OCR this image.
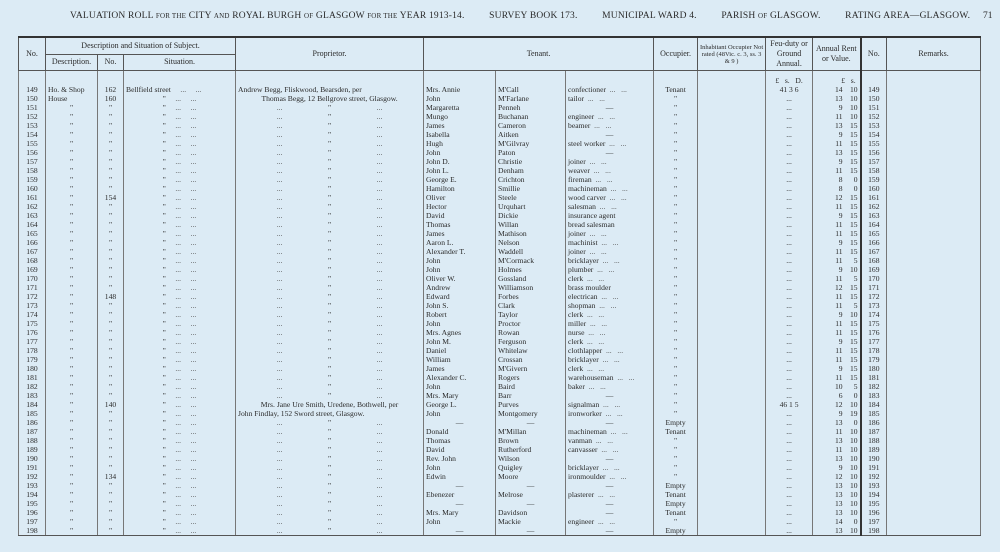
VALUATION ROLL FOR THE CITY AND ROYAL BURGH OF GLASGOW FOR THE YEAR 1913-14.	SURVEY BOOK 173.	MUNICIPAL WARD 4.	PARISH OF GLASGOW.	RATING AREA—GLASGOW. 71
No.	Description and Situation of Subject.			Proprietor.	Tenant.			Occupier.	Inhabitant Occupier Not rated (48Vic. c. 3, ss. 3 & 9 )	Feu-duty or Ground Annual.	Annual Rent or Value.	No.	Remarks.
	Description.	No.	Situation.										
										£ s. D.	£ s.		
149	Ho. & Shop	162	Bellfield street     ...     ...	Andrew Begg, Fliskwood, Bearsden, per	Mrs. Annie	M'Call	confectioner  ...   ...	Tenant		41 3 6	14 10	149	
150	House	160	"     ...     ...	Thomas Begg, 12 Bellgrove street, Glasgow.	John	M'Farlane	tailor  ...   ...	"		...	13 10	150	
151	"	"	"     ...     ...	...                        "                        ...	Margaretta	Penneh	—	"		...	9 10	151	
152	"	"	"     ...     ...	...                        "                        ...	Mungo	Buchanan	engineer  ...   ...	"		...	11 10	152	
153	"	"	"     ...     ...	...                        "                        ...	James	Cameron	beamer  ...   ...	"		...	13 15	153	
154	"	"	"     ...     ...	...                        "                        ...	Isabella	Aitken	—	"		...	9 15	154	
155	"	"	"     ...     ...	...                        "                        ...	Hugh	M'Gilvray	steel worker  ...   ...	"		...	11 15	155	
156	"	"	"     ...     ...	...                        "                        ...	John	Paton	—	"		...	13 15	156	
157	"	"	"     ...     ...	...                        "                        ...	John D.	Christie	joiner  ...   ...	"		...	9 15	157	
158	"	"	"     ...     ...	...                        "                        ...	John L.	Denham	weaver  ...   ...	"		...	11 15	158	
159	"	"	"     ...     ...	...                        "                        ...	George E.	Crichton	fireman  ...   ...	"		...	8 0	159	
160	"	"	"     ...     ...	...                        "                        ...	Hamilton	Smillie	machineman  ...   ...	"		...	8 0	160	
161	"	154	"     ...     ...	...                        "                        ...	Oliver	Steele	wood carver  ...   ...	"		...	12 15	161	
162	"	"	"     ...     ...	...                        "                        ...	Hector	Urquhart	salesman  ...   ...	"		...	11 15	162	
163	"	"	"     ...     ...	...                        "                        ...	David	Dickie	insurance agent	"		...	9 15	163	
164	"	"	"     ...     ...	...                        "                        ...	Thomas	Willan	bread salesman	"		...	11 15	164	
165	"	"	"     ...     ...	...                        "                        ...	James	Mathison	joiner  ...   ...	"		...	11 15	165	
166	"	"	"     ...     ...	...                        "                        ...	Aaron L.	Nelson	machinist  ...   ...	"		...	9 15	166	
167	"	"	"     ...     ...	...                        "                        ...	Alexander T.	Waddell	joiner  ...   ...	"		...	11 15	167	
168	"	"	"     ...     ...	...                        "                        ...	John	M'Cormack	bricklayer  ...   ...	"		...	11 5	168	
169	"	"	"     ...     ...	...                        "                        ...	John	Holmes	plumber  ...   ...	"		...	9 10	169	
170	"	"	"     ...     ...	...                        "                        ...	Oliver W.	Gossland	clerk  ...   ...	"		...	11 5	170	
171	"	"	"     ...     ...	...                        "                        ...	Andrew	Williamson	brass moulder	"		...	12 15	171	
172	"	148	"     ...     ...	...                        "                        ...	Edward	Forbes	electrican  ...   ...	"		...	11 15	172	
173	"	"	"     ...     ...	...                        "                        ...	John S.	Clark	shopman  ...   ...	"		...	11 5	173	
174	"	"	"     ...     ...	...                        "                        ...	Robert	Taylor	clerk  ...   ...	"		...	9 10	174	
175	"	"	"     ...     ...	...                        "                        ...	John	Proctor	miller  ...   ...	"		...	11 15	175	
176	"	"	"     ...     ...	...                        "                        ...	Mrs. Agnes	Rowan	nurse  ...   ...	"		...	11 15	176	
177	"	"	"     ...     ...	...                        "                        ...	John M.	Ferguson	clerk  ...   ...	"		...	9 15	177	
178	"	"	"     ...     ...	...                        "                        ...	Daniel	Whitelaw	clothlapper  ...   ...	"		...	11 15	178	
179	"	"	"     ...     ...	...                        "                        ...	William	Crossan	bricklayer  ...   ...	"		...	11 15	179	
180	"	"	"     ...     ...	...                        "                        ...	James	M'Givern	clerk  ...   ...	"		...	9 15	180	
181	"	"	"     ...     ...	...                        "                        ...	Alexander C.	Rogers	warehouseman  ...   ...	"		...	11 15	181	
182	"	"	"     ...     ...	...                        "                        ...	John	Baird	baker  ...   ...	"		...	10 5	182	
183	"	"	"     ...     ...	...                        "                        ...	Mrs. Mary	Barr	—	"		...	6 0	183	
184	"	140	"     ...     ...	Mrs. Jane Ure Smith, Uredene, Bothwell, per	George L.	Purves	signalman  ...   ...	"		46 1 5	12 10	184	
185	"	"	"     ...     ...	John Findlay, 152 Sword street, Glasgow.	John	Montgomery	ironworker  ...   ...	"		...	9 19	185	
186	"	"	"     ...     ...	...                        "                        ...	—	—	—	Empty		...	13 0	186	
187	"	"	"     ...     ...	...                        "                        ...	Donald	M'Millan	machineman  ...   ...	Tenant		...	11 10	187	
188	"	"	"     ...     ...	...                        "                        ...	Thomas	Brown	vanman  ...   ...	"		...	13 10	188	
189	"	"	"     ...     ...	...                        "                        ...	David	Rutherford	canvasser  ...   ...	"		...	11 10	189	
190	"	"	"     ...     ...	...                        "                        ...	Rev. John	Wilson	—	"		...	13 10	190	
191	"	"	"     ...     ...	...                        "                        ...	John	Quigley	bricklayer  ...   ...	"		...	9 10	191	
192	"	134	"     ...     ...	...                        "                        ...	Edwin	Moore	ironmoulder  ...   ...	"		...	12 10	192	
193	"	"	"     ...     ...	...                        "                        ...	—	—	—	Empty		...	13 10	193	
194	"	"	"     ...     ...	...                        "                        ...	Ebenezer	Melrose	plasterer  ...   ...	Tenant		...	13 10	194	
195	"	"	"     ...     ...	...                        "                        ...	—	—	—	Empty		...	13 10	195	
196	"	"	"     ...     ...	...                        "                        ...	Mrs. Mary	Davidson	—	Tenant		...	13 10	196	
197	"	"	"     ...     ...	...                        "                        ...	John	Mackie	engineer  ...   ...	"		...	14 0	197	
198	"	"	"     ...     ...	...                        "                        ...	—	—	—	Empty		...	13 10	198	
